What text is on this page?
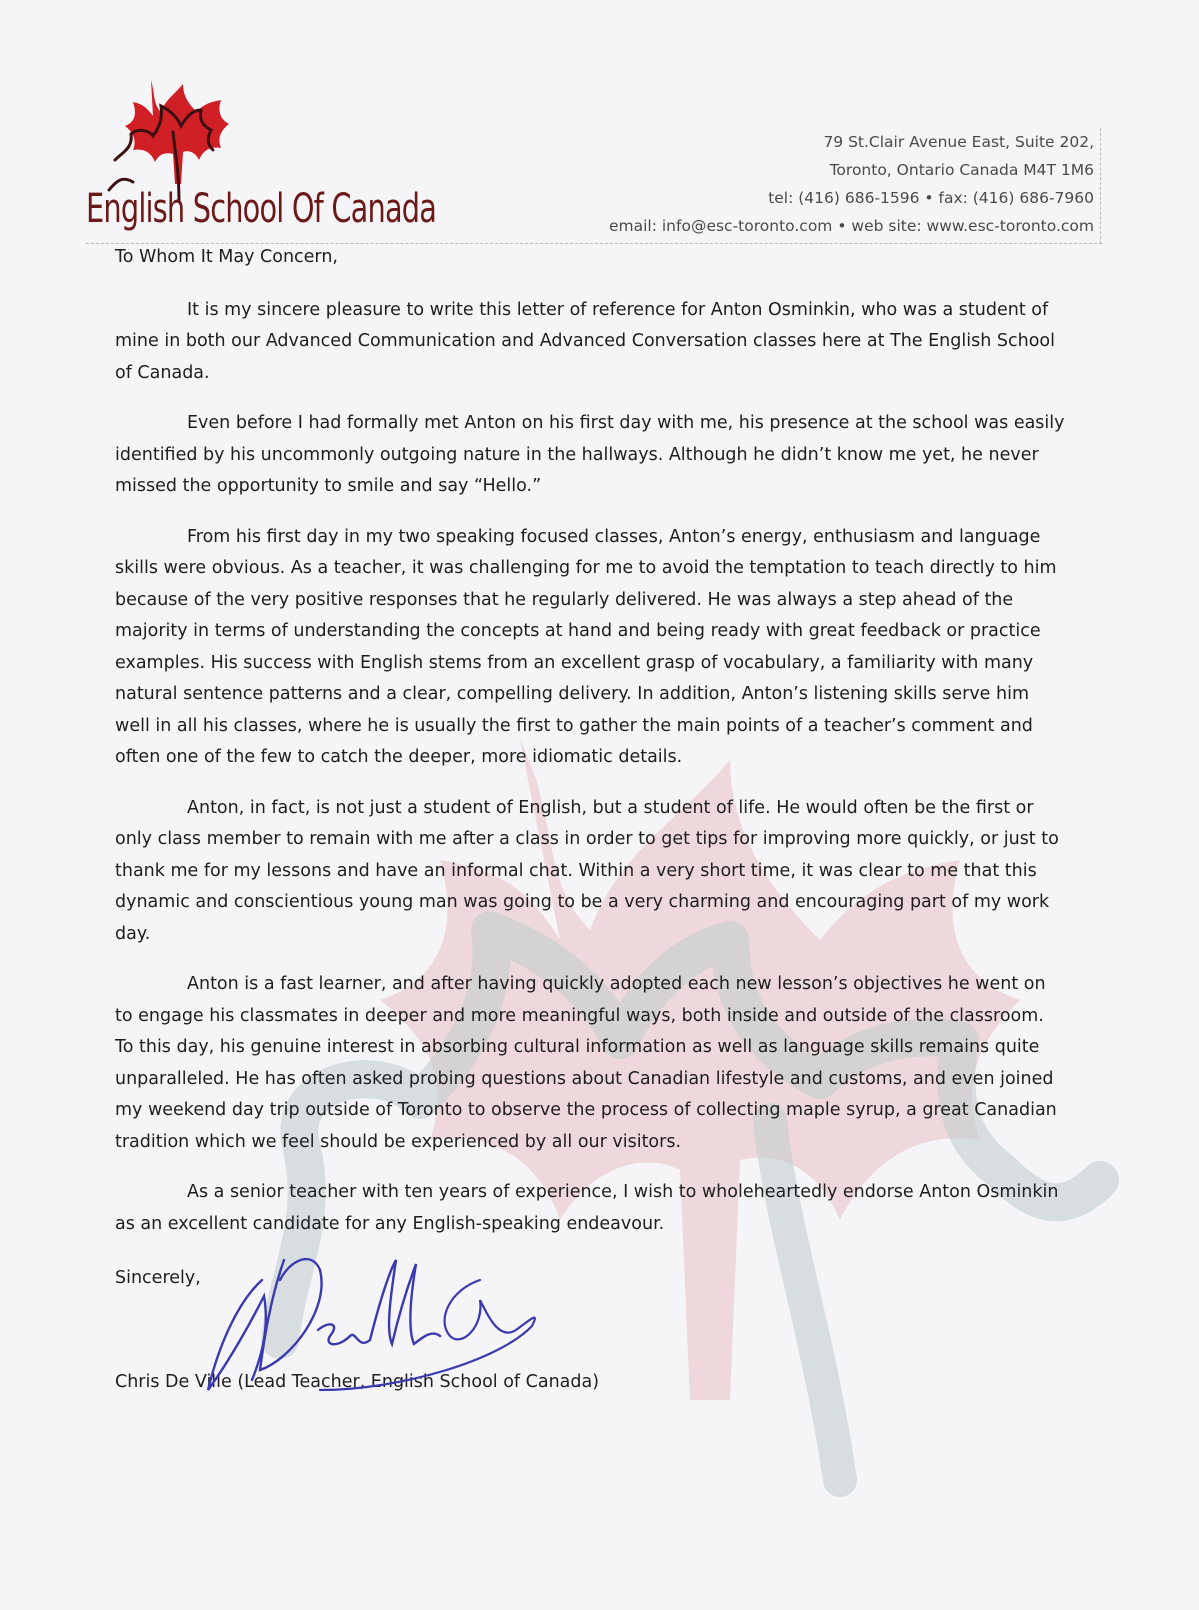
English School Of Canada
79 St.Clair Avenue East, Suite 202,
Toronto, Ontario Canada M4T 1M6
tel: (416) 686-1596 • fax: (416) 686-7960
email: info@esc-toronto.com • web site: www.esc-toronto.com

To Whom It May Concern,

It is my sincere pleasure to write this letter of reference for Anton Osminkin, who was a student of mine in both our Advanced Communication and Advanced Conversation classes here at The English School of Canada.

Even before I had formally met Anton on his first day with me, his presence at the school was easily identified by his uncommonly outgoing nature in the hallways. Although he didn’t know me yet, he never missed the opportunity to smile and say “Hello.”

From his first day in my two speaking focused classes, Anton’s energy, enthusiasm and language skills were obvious. As a teacher, it was challenging for me to avoid the temptation to teach directly to him because of the very positive responses that he regularly delivered. He was always a step ahead of the majority in terms of understanding the concepts at hand and being ready with great feedback or practice examples. His success with English stems from an excellent grasp of vocabulary, a familiarity with many natural sentence patterns and a clear, compelling delivery. In addition, Anton’s listening skills serve him well in all his classes, where he is usually the first to gather the main points of a teacher’s comment and often one of the few to catch the deeper, more idiomatic details.

Anton, in fact, is not just a student of English, but a student of life. He would often be the first or only class member to remain with me after a class in order to get tips for improving more quickly, or just to thank me for my lessons and have an informal chat. Within a very short time, it was clear to me that this dynamic and conscientious young man was going to be a very charming and encouraging part of my work day.

Anton is a fast learner, and after having quickly adopted each new lesson’s objectives he went on to engage his classmates in deeper and more meaningful ways, both inside and outside of the classroom. To this day, his genuine interest in absorbing cultural information as well as language skills remains quite unparalleled. He has often asked probing questions about Canadian lifestyle and customs, and even joined my weekend day trip outside of Toronto to observe the process of collecting maple syrup, a great Canadian tradition which we feel should be experienced by all our visitors.

As a senior teacher with ten years of experience, I wish to wholeheartedly endorse Anton Osminkin as an excellent candidate for any English-speaking endeavour.

Sincerely,
Chris De Ville (Lead Teacher, English School of Canada)
